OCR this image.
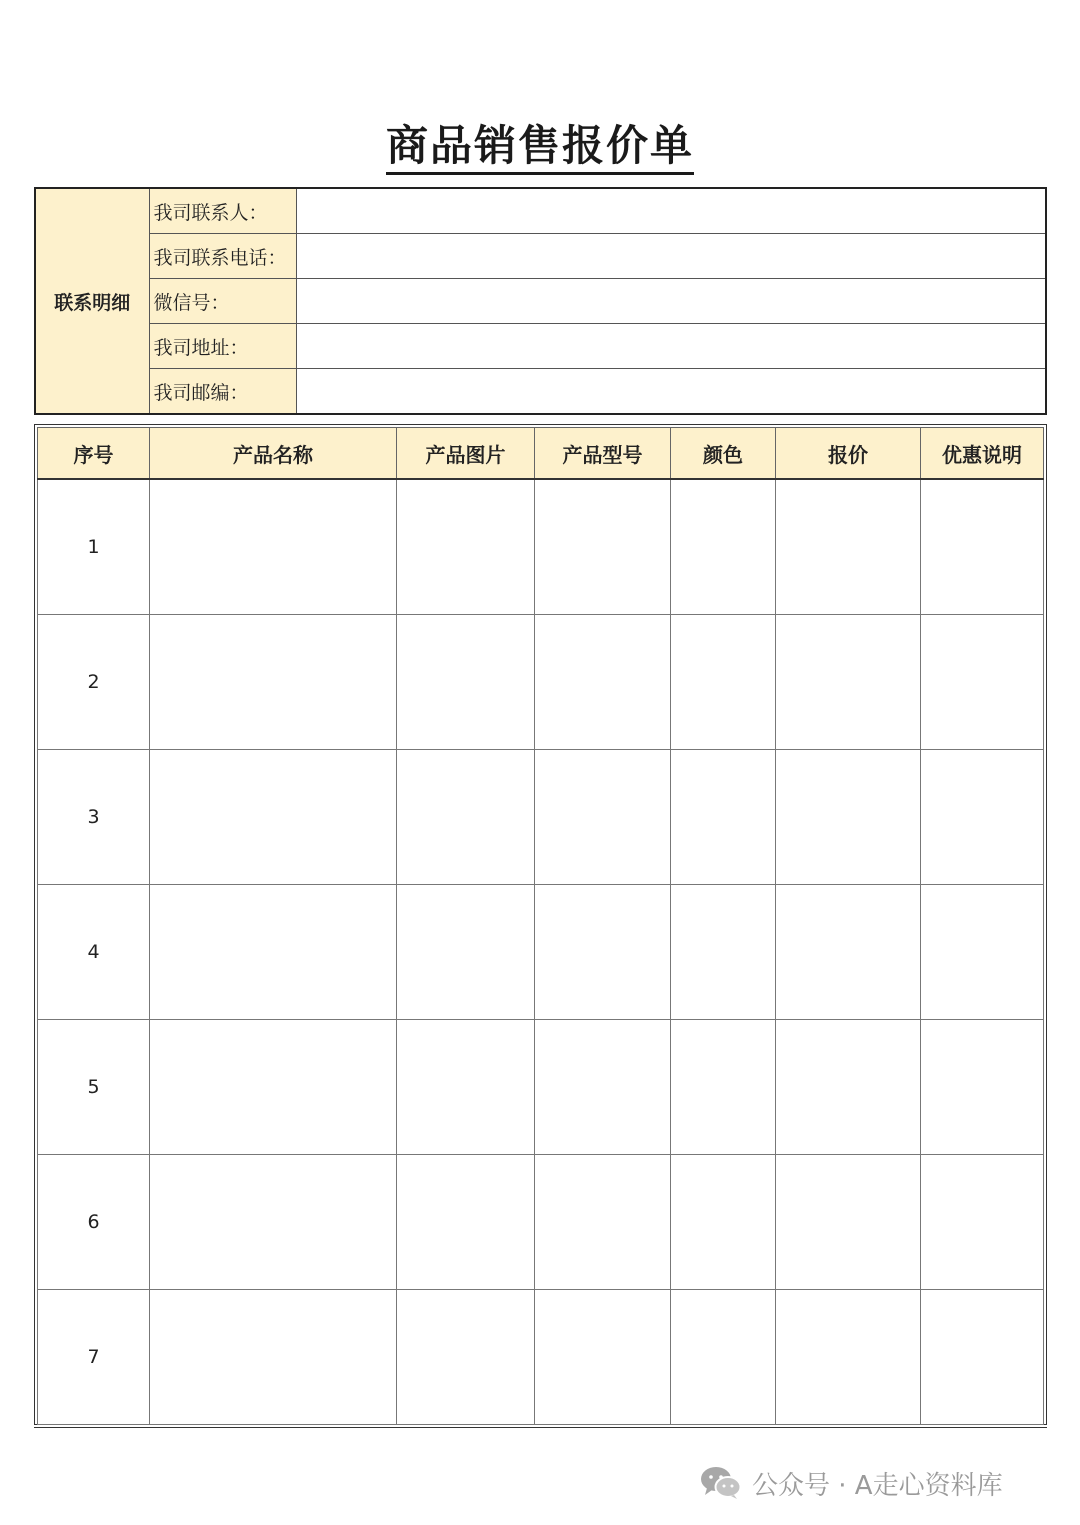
商品销售报价单
联系明细	我司联系人：	
	我司联系电话：	
	微信号：	
	我司地址：	
	我司邮编：	
序号	产品名称	产品图片	产品型号	颜色	报价	优惠说明
1						
2						
3						
4						
5						
6						
7						
公众号 · A走心资料库
